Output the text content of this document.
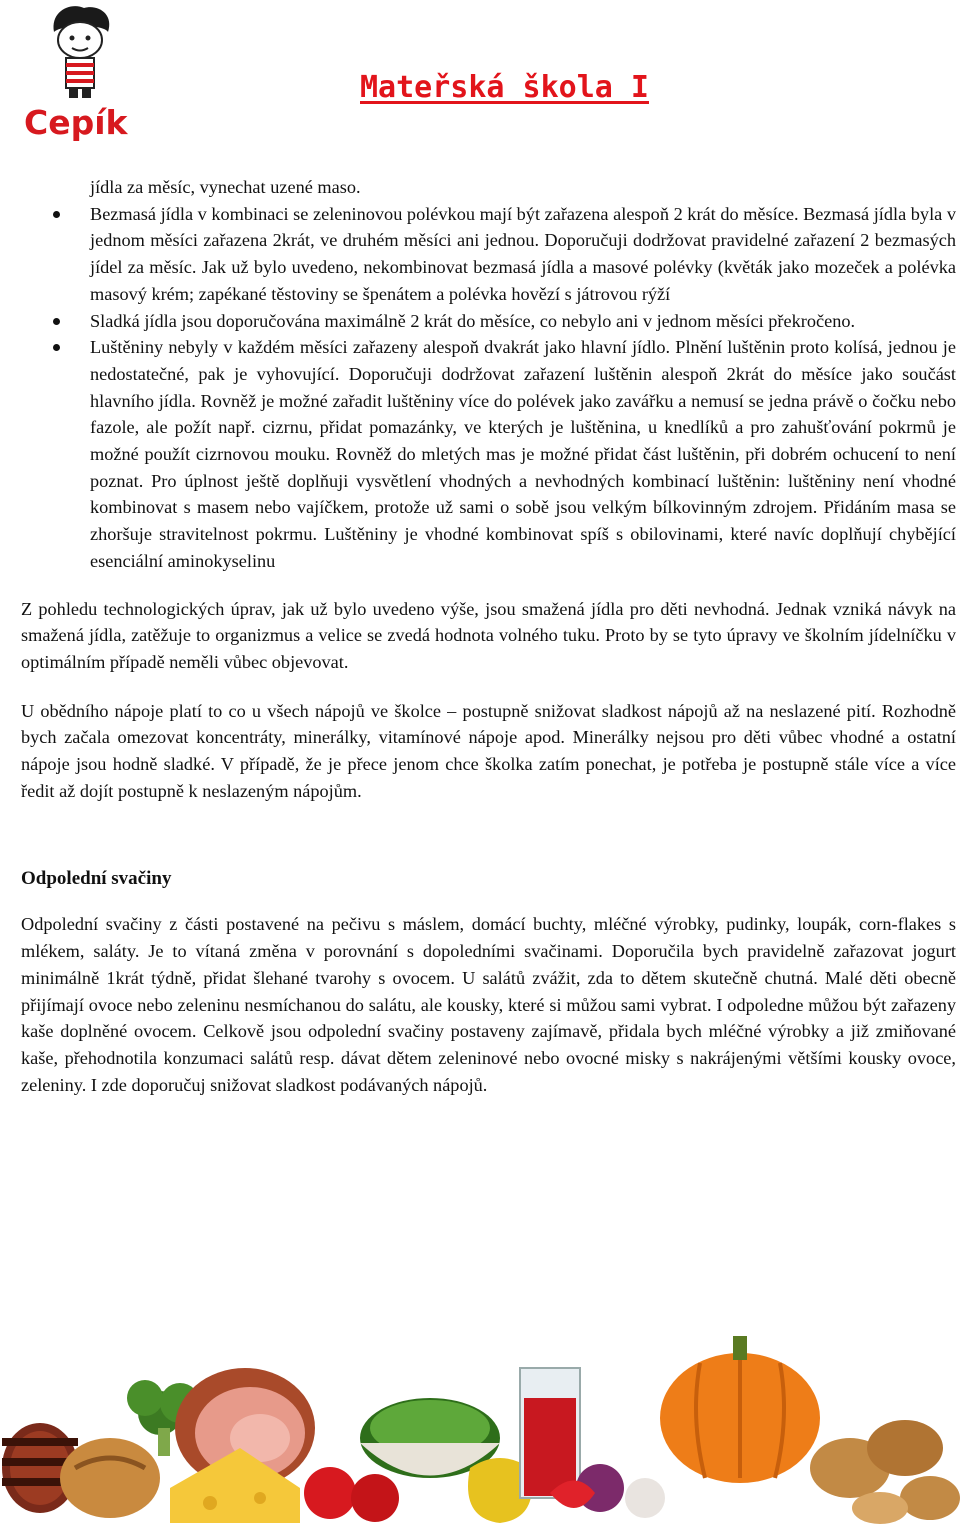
Cepík
Mateřská škola I

jídla za měsíc, vynechat uzené maso.

Bezmasá jídla v kombinaci se zeleninovou polévkou mají být zařazena alespoň 2 krát do měsíce. Bezmasá jídla byla v jednom měsíci zařazena 2krát, ve druhém měsíci ani jednou. Doporučuji dodržovat pravidelné zařazení 2 bezmasých jídel za měsíc. Jak už bylo uvedeno, nekombinovat bezmasá jídla a masové polévky (květák jako mozeček a polévka masový krém; zapékané těstoviny se špenátem a polévka hovězí s játrovou rýží
Sladká jídla jsou doporučována maximálně 2 krát do měsíce, co nebylo ani v jednom měsíci překročeno.
Luštěniny nebyly v každém měsíci zařazeny alespoň dvakrát jako hlavní jídlo. Plnění luštěnin proto kolísá, jednou je nedostatečné, pak je vyhovující. Doporučuji dodržovat zařazení luštěnin alespoň 2krát do měsíce jako součást hlavního jídla. Rovněž je možné zařadit luštěniny více do polévek jako zavářku a nemusí se jedna právě o čočku nebo fazole, ale požít např. cizrnu, přidat pomazánky, ve kterých je luštěnina, u knedlíků a pro zahušťování pokrmů je možné použít cizrnovou mouku. Rovněž do mletých mas je možné přidat část luštěnin, při dobrém ochucení to není poznat. Pro úplnost ještě doplňuji vysvětlení vhodných a nevhodných kombinací luštěnin: luštěniny není vhodné kombinovat s masem nebo vajíčkem, protože už sami o sobě jsou velkým bílkovinným zdrojem. Přidáním masa se zhoršuje stravitelnost pokrmu. Luštěniny je vhodné kombinovat spíš s obilovinami, které navíc doplňují chybějící esenciální aminokyselinu

Z pohledu technologických úprav, jak už bylo uvedeno výše, jsou smažená jídla pro děti nevhodná. Jednak vzniká návyk na smažená jídla, zatěžuje to organizmus a velice se zvedá hodnota volného tuku. Proto by se tyto úpravy ve školním jídelníčku v optimálním případě neměli vůbec objevovat.

U obědního nápoje platí to co u všech nápojů ve školce – postupně snižovat sladkost nápojů až na neslazené pití. Rozhodně bych začala omezovat koncentráty, minerálky, vitamínové nápoje apod. Minerálky nejsou pro děti vůbec vhodné a ostatní nápoje jsou hodně sladké. V případě, že je přece jenom chce školka zatím ponechat, je potřeba je postupně stále více a více ředit až dojít postupně k neslazeným nápojům.

Odpolední svačiny

Odpolední svačiny z části postavené na pečivu s máslem, domácí buchty, mléčné výrobky, pudinky, loupák, corn-flakes s mlékem, saláty. Je to vítaná změna v porovnání s dopoledními svačinami. Doporučila bych pravidelně zařazovat jogurt minimálně 1krát týdně, přidat šlehané tvarohy s ovocem. U salátů zvážit, zda to dětem skutečně chutná. Malé děti obecně přijímají ovoce nebo zeleninu nesmíchanou do salátu, ale kousky, které si můžou sami vybrat. I odpoledne můžou být zařazeny kaše doplněné ovocem. Celkově jsou odpolední svačiny postaveny zajímavě, přidala bych mléčné výrobky a již zmiňované kaše, přehodnotila konzumaci salátů resp. dávat dětem zeleninové nebo ovocné misky s nakrájenými většími kousky ovoce, zeleniny. I zde doporučuj snižovat sladkost podávaných nápojů.
